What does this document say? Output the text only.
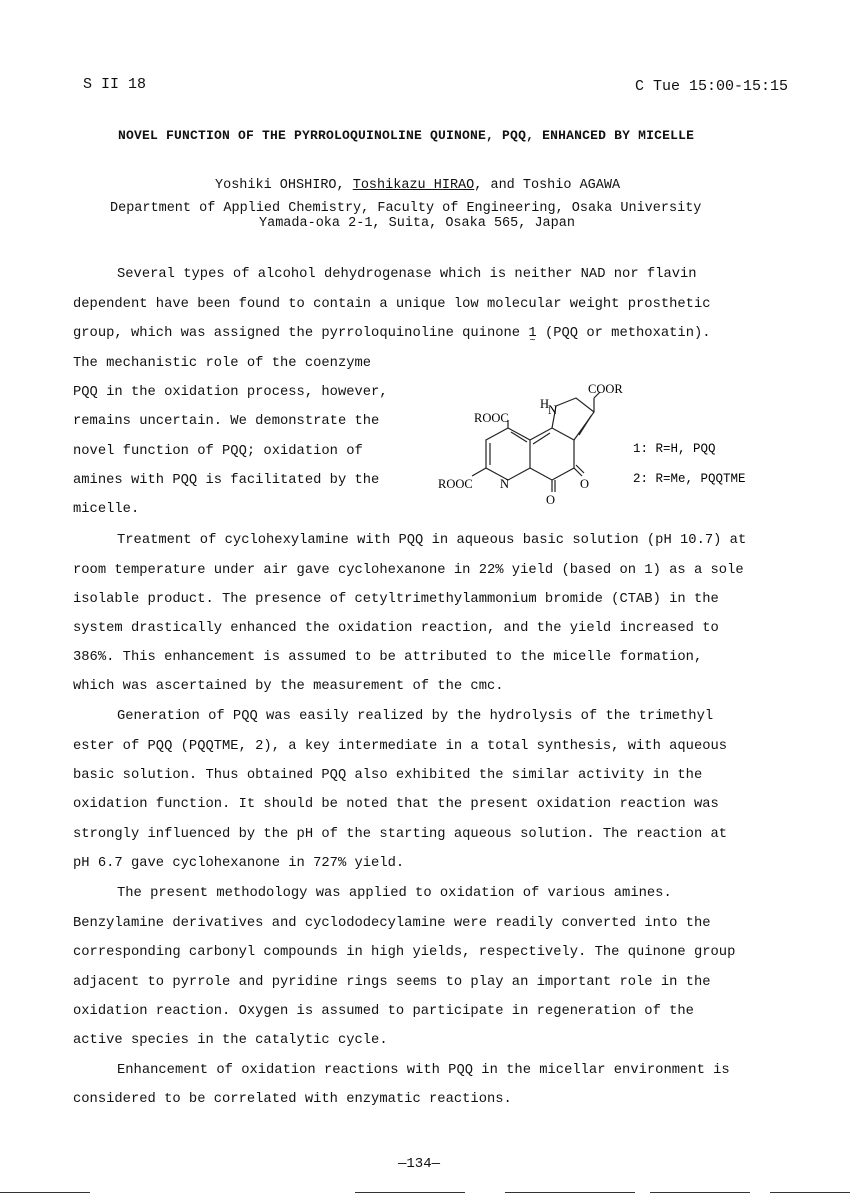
S II 18	C Tue 15:00-15:15
NOVEL FUNCTION OF THE PYRROLOQUINOLINE QUINONE, PQQ, ENHANCED BY MICELLE
Yoshiki OHSHIRO, Toshikazu HIRAO, and Toshio AGAWA
Department of Applied Chemistry, Faculty of Engineering, Osaka University
Yamada-oka 2-1, Suita, Osaka 565, Japan
Several types of alcohol dehydrogenase which is neither NAD nor flavin
dependent have been found to contain a unique low molecular weight prosthetic
group, which was assigned the pyrroloquinoline quinone 1 ~ (PQQ or methoxatin).
The mechanistic role of the coenzyme
PQQ in the oxidation process, however,
remains uncertain. We demonstrate the
novel function of PQQ; oxidation of
amines with PQQ is facilitated by the
micelle.
COOR
H
N
ROOC
ROOC N	O
O
1: R=H, PQQ
2: R=Me, PQQTME
Treatment of cyclohexylamine with PQQ in aqueous basic solution (pH 10.7) at
room temperature under air gave cyclohexanone in 22% yield (based on 1) as a sole
isolable product. The presence of cetyltrimethylammonium bromide (CTAB) in the
system drastically enhanced the oxidation reaction, and the yield increased to
386%. This enhancement is assumed to be attributed to the micelle formation,
which was ascertained by the measurement of the cmc.
Generation of PQQ was easily realized by the hydrolysis of the trimethyl
ester of PQQ (PQQTME, 2), a key intermediate in a total synthesis, with aqueous
basic solution. Thus obtained PQQ also exhibited the similar activity in the
oxidation function. It should be noted that the present oxidation reaction was
strongly influenced by the pH of the starting aqueous solution. The reaction at
pH 6.7 gave cyclohexanone in 727% yield.
The present methodology was applied to oxidation of various amines.
Benzylamine derivatives and cyclododecylamine were readily converted into the
corresponding carbonyl compounds in high yields, respectively. The quinone group
adjacent to pyrrole and pyridine rings seems to play an important role in the
oxidation reaction. Oxygen is assumed to participate in regeneration of the
active species in the catalytic cycle.
Enhancement of oxidation reactions with PQQ in the micellar environment is
considered to be correlated with enzymatic reactions.
—134—
